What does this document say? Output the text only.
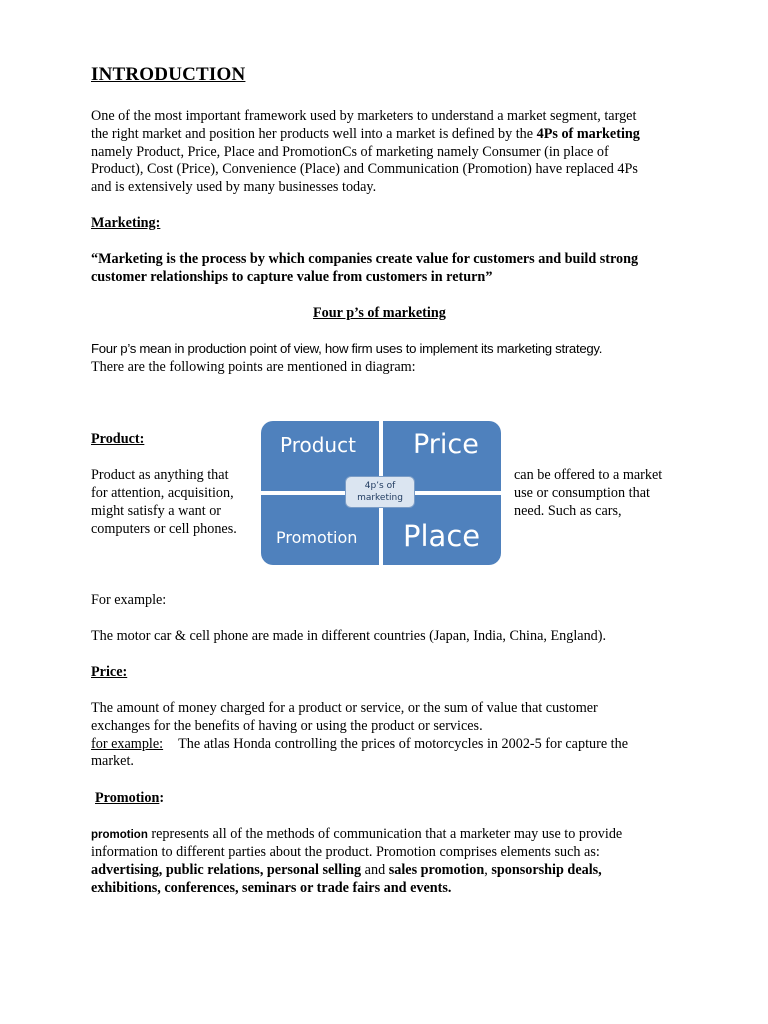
INTRODUCTION

One of the most important framework used by marketers to understand a market segment, target

the right market and position her products well into a market is defined by the 4Ps of marketing

namely Product, Price, Place and PromotionCs of marketing namely Consumer (in place of

Product), Cost (Price), Convenience (Place) and Communication (Promotion) have replaced 4Ps

and is extensively used by many businesses today.

Marketing:

“Marketing is the process by which companies create value for customers and build strong

customer relationships to capture value from customers in return”

Four p’s of marketing

Four p’s mean in production point of view, how firm uses to implement its marketing strategy.

There are the following points are mentioned in diagram:

Product:

Product as anything that

for attention, acquisition,

might satisfy a want or

computers or cell phones.

can be offered to a market

use or consumption that

need. Such as cars,

Product Price
Promotion Place
4p’s of
marketing

For example:

The motor car & cell phone are made in different countries (Japan, India, China, England).

Price:

The amount of money charged for a product or service, or the sum of value that customer

exchanges for the benefits of having or using the product or services.

for example: The atlas Honda controlling the prices of motorcycles in 2002-5 for capture the

market.

Promotion:

promotion represents all of the methods of communication that a marketer may use to provide

information to different parties about the product. Promotion comprises elements such as:

advertising, public relations, personal selling and sales promotion, sponsorship deals,

exhibitions, conferences, seminars or trade fairs and events.
